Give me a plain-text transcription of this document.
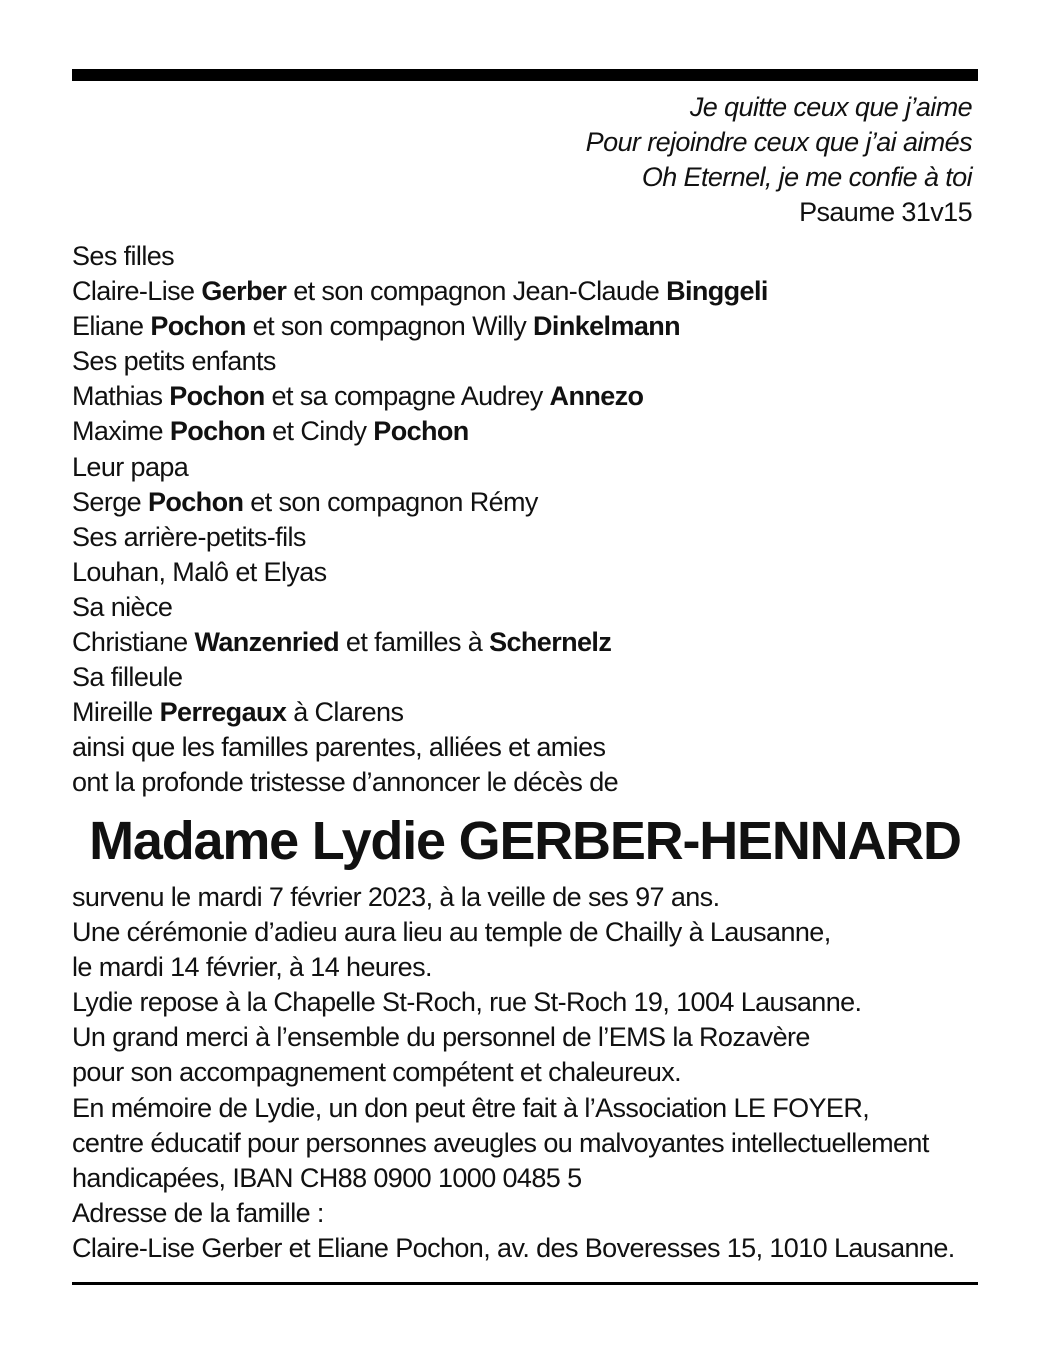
Je quitte ceux que j’aime
Pour rejoindre ceux que j’ai aimés
Oh Eternel, je me confie à toi
Psaume 31v15
Ses filles
Claire-Lise Gerber et son compagnon Jean-Claude Binggeli
Eliane Pochon et son compagnon Willy Dinkelmann
Ses petits enfants
Mathias Pochon et sa compagne Audrey Annezo
Maxime Pochon et Cindy Pochon
Leur papa
Serge Pochon et son compagnon Rémy
Ses arrière-petits-fils
Louhan, Malô et Elyas
Sa nièce
Christiane Wanzenried et familles à Schernelz
Sa filleule
Mireille Perregaux à Clarens
ainsi que les familles parentes, alliées et amies
ont la profonde tristesse d’annoncer le décès de
Madame Lydie GERBER-HENNARD
survenu le mardi 7 février 2023, à la veille de ses 97 ans.
Une cérémonie d’adieu aura lieu au temple de Chailly à Lausanne,
le mardi 14 février, à 14 heures.
Lydie repose à la Chapelle St-Roch, rue St-Roch 19, 1004 Lausanne.
Un grand merci à l’ensemble du personnel de l’EMS la Rozavère
pour son accompagnement compétent et chaleureux.
En mémoire de Lydie, un don peut être fait à l’Association LE FOYER,
centre éducatif pour personnes aveugles ou malvoyantes intellectuellement
handicapées, IBAN CH88 0900 1000 0485 5
Adresse de la famille :
Claire-Lise Gerber et Eliane Pochon, av. des Boveresses 15, 1010 Lausanne.
